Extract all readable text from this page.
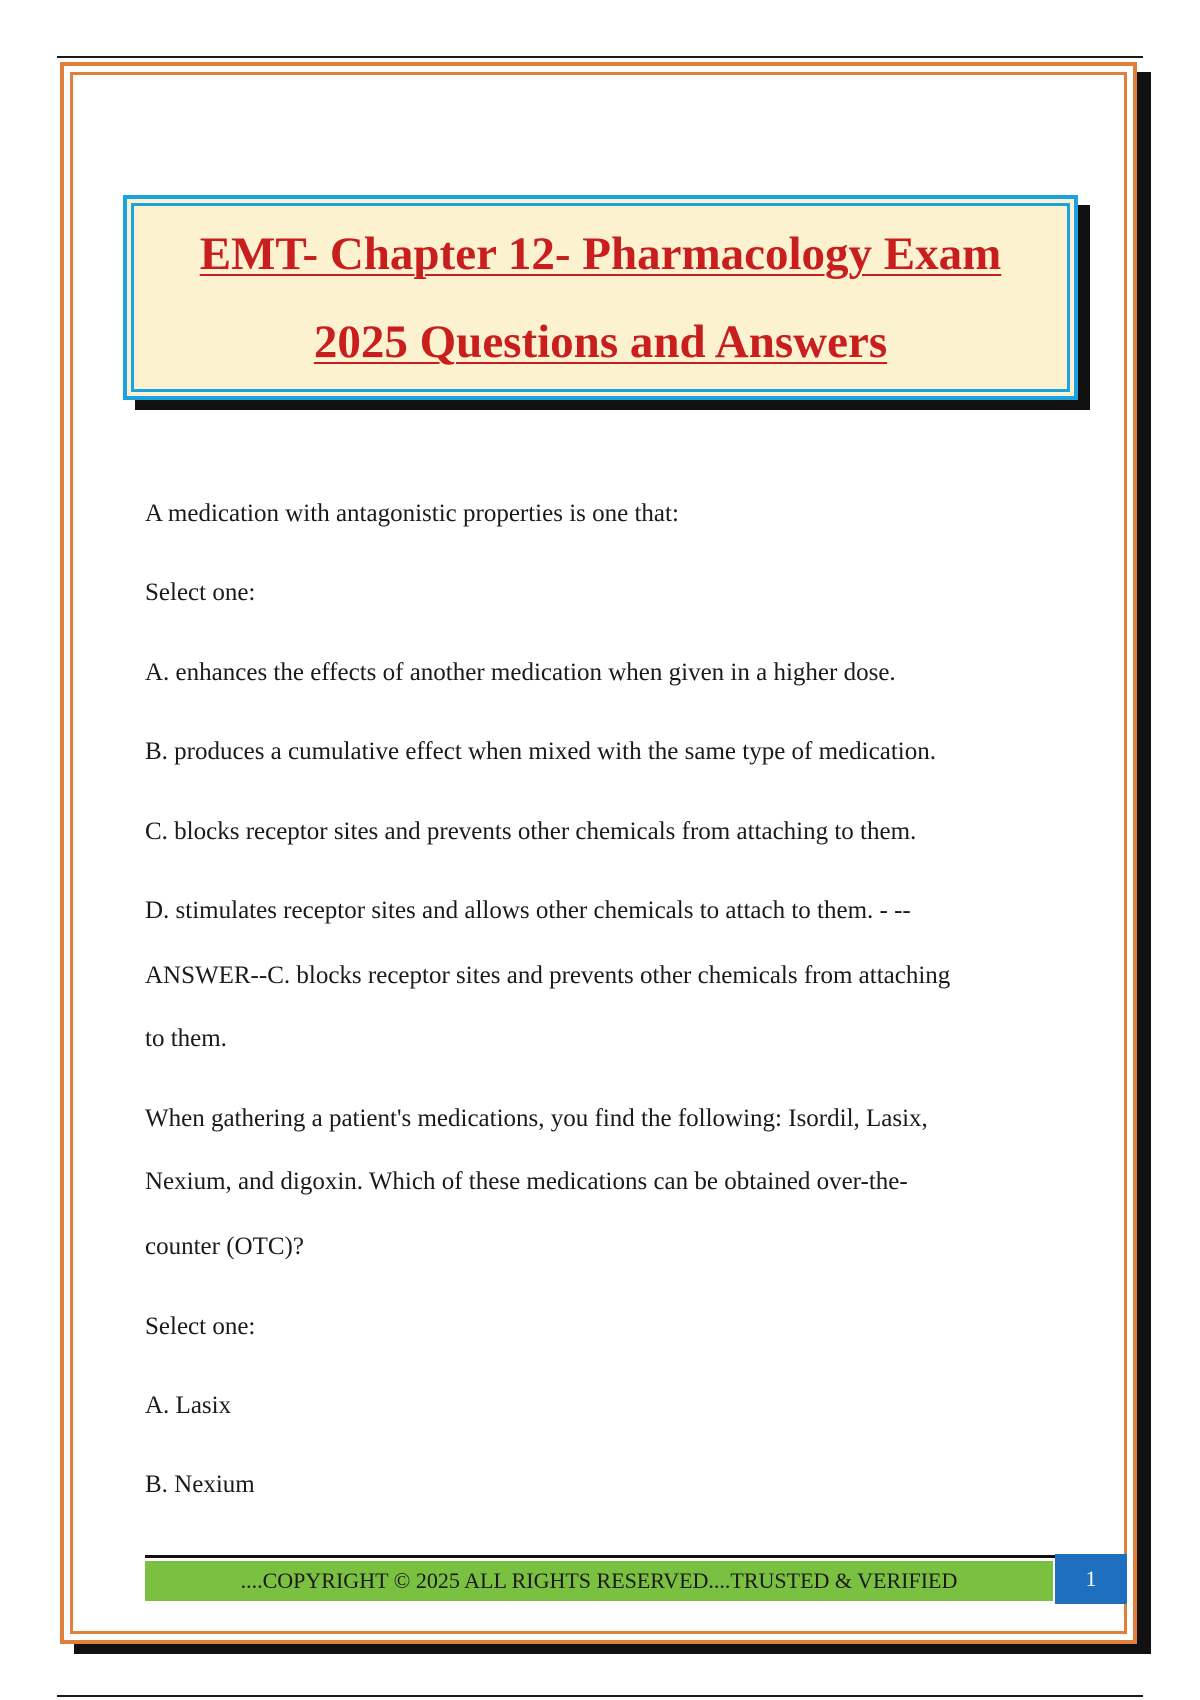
EMT- Chapter 12- Pharmacology Exam
2025 Questions and Answers
A medication with antagonistic properties is one that:
Select one:
A. enhances the effects of another medication when given in a higher dose.
B. produces a cumulative effect when mixed with the same type of medication.
C. blocks receptor sites and prevents other chemicals from attaching to them.
D. stimulates receptor sites and allows other chemicals to attach to them. - --
ANSWER--C. blocks receptor sites and prevents other chemicals from attaching
to them.
When gathering a patient's medications, you find the following: Isordil, Lasix,
Nexium, and digoxin. Which of these medications can be obtained over-the-
counter (OTC)?
Select one:
A. Lasix
B. Nexium
....COPYRIGHT © 2025 ALL RIGHTS RESERVED....TRUSTED & VERIFIED	1
